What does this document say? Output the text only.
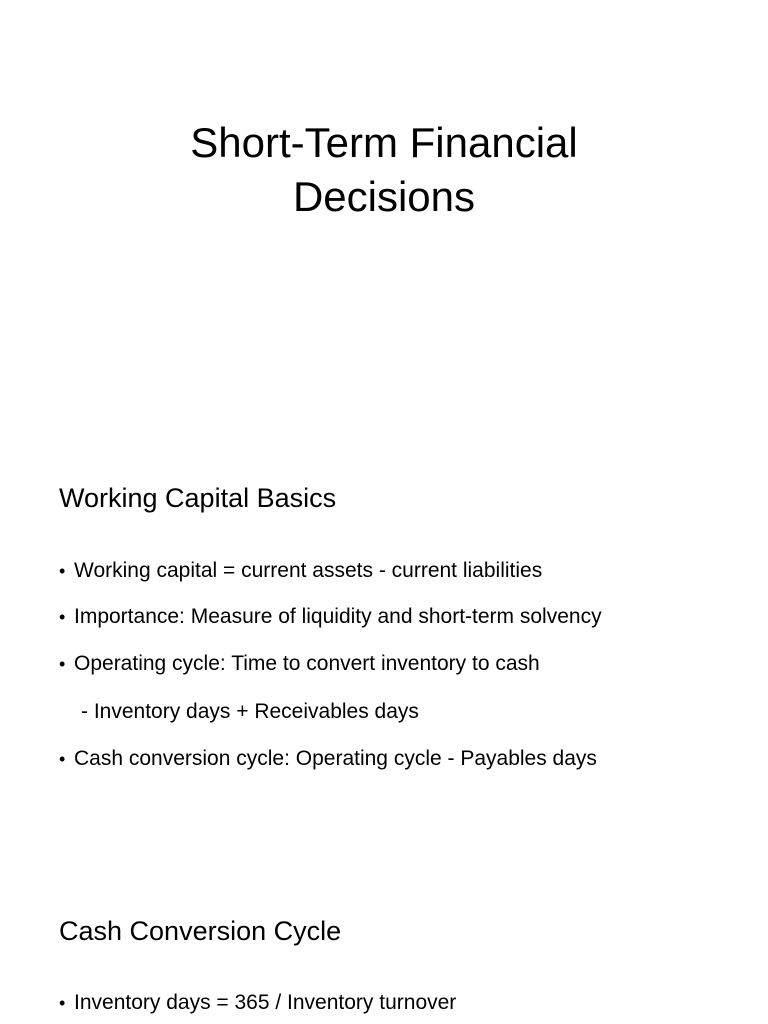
Short-Term Financial
Decisions
Working Capital Basics
• Working capital = current assets - current liabilities
• Importance: Measure of liquidity and short-term solvency
• Operating cycle: Time to convert inventory to cash
- Inventory days + Receivables days
• Cash conversion cycle: Operating cycle - Payables days
Cash Conversion Cycle
• Inventory days = 365 / Inventory turnover
